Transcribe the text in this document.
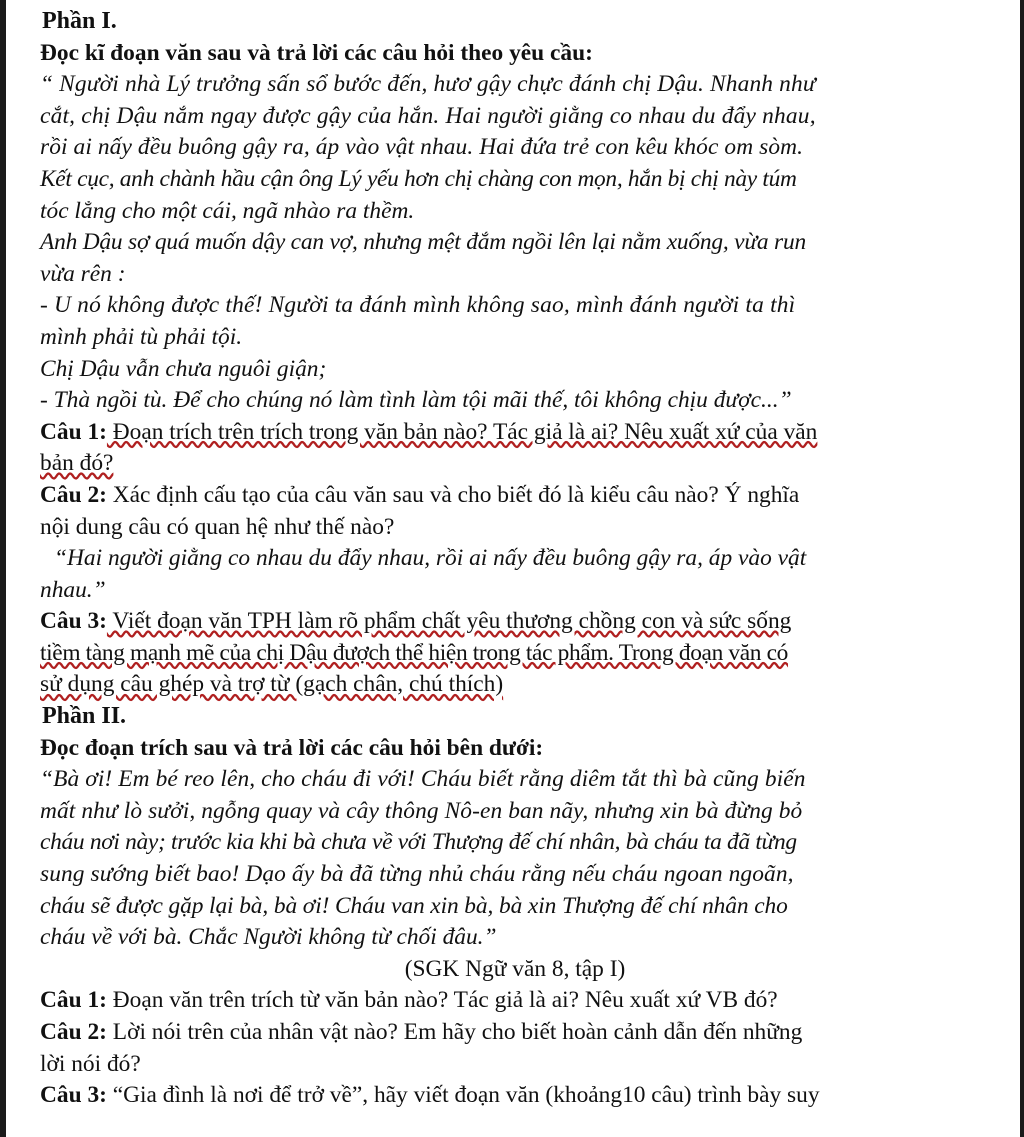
Phần I.

Đọc kĩ đoạn văn sau và trả lời các câu hỏi theo yêu cầu:

“ Người nhà Lý trưởng sấn sổ bước đến, hươ gậy chực đánh chị Dậu. Nhanh như

cắt, chị Dậu nắm ngay được gậy của hắn. Hai người giằng co nhau du đẩy nhau,

rồi ai nấy đều buông gậy ra, áp vào vật nhau. Hai đứa trẻ con kêu khóc om sòm.

Kết cục, anh chành hầu cận ông Lý yếu hơn chị chàng con mọn, hắn bị chị này túm

tóc lẳng cho một cái, ngã nhào ra thềm.

Anh Dậu sợ quá muốn dậy can vợ, nhưng mệt đắm ngồi lên lại nằm xuống, vừa run

vừa rên :

- U nó không được thế! Người ta đánh mình không sao, mình đánh người ta thì

mình phải tù phải tội.

Chị Dậu vẫn chưa nguôi giận;

- Thà ngồi tù. Để cho chúng nó làm tình làm tội mãi thế, tôi không chịu được...”

Câu 1: Đoạn trích trên trích trong văn bản nào? Tác giả là ai? Nêu xuất xứ của văn

bản đó?

Câu 2: Xác định cấu tạo của câu văn sau và cho biết đó là kiểu câu nào? Ý nghĩa

nội dung câu có quan hệ như thế nào?

“Hai người giằng co nhau du đẩy nhau, rồi ai nấy đều buông gậy ra, áp vào vật

nhau.”

Câu 3: Viết đoạn văn TPH làm rõ phẩm chất yêu thương chồng con và sức sống

tiềm tàng mạnh mẽ của chị Dậu đượch thể hiện trong tác phẩm. Trong đoạn văn có

sử dụng câu ghép và trợ từ (gạch chân, chú thích)

Phần II.

Đọc đoạn trích sau và trả lời các câu hỏi bên dưới:

“Bà ơi! Em bé reo lên, cho cháu đi với! Cháu biết rằng diêm tắt thì bà cũng biến

mất như lò sưởi, ngỗng quay và cây thông Nô-en ban nãy, nhưng xin bà đừng bỏ

cháu nơi này; trước kia khi bà chưa về với Thượng đế chí nhân, bà cháu ta đã từng

sung sướng biết bao! Dạo ấy bà đã từng nhủ cháu rằng nếu cháu ngoan ngoãn,

cháu sẽ được gặp lại bà, bà ơi! Cháu van xin bà, bà xin Thượng đế chí nhân cho

cháu về với bà. Chắc Người không từ chối đâu.”

(SGK Ngữ văn 8, tập I)

Câu 1: Đoạn văn trên trích từ văn bản nào? Tác giả là ai? Nêu xuất xứ VB đó?

Câu 2: Lời nói trên của nhân vật nào? Em hãy cho biết hoàn cảnh dẫn đến những

lời nói đó?

Câu 3: “Gia đình là nơi để trở về”, hãy viết đoạn văn (khoảng10 câu) trình bày suy
